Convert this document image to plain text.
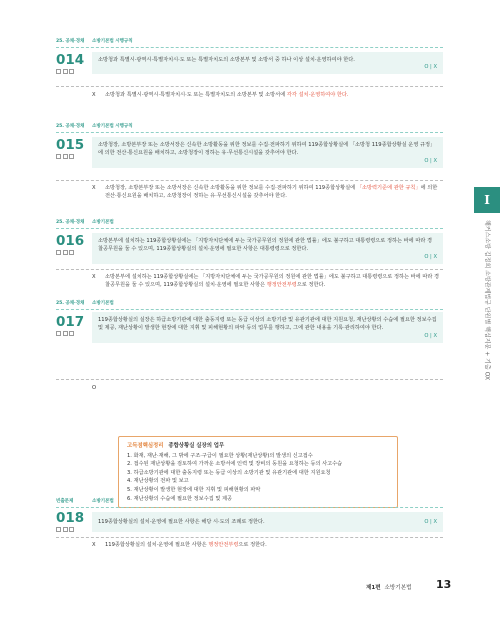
25. 공채·경채 소방기본법 시행규칙
014	소방청과 특별시·광역시·특별자치시·도 또는 특별자치도의 소방본부 및 소방서 중 하나 이상 설치·운영하여야 한다.
O | X
X 소방청과 특별시·광역시·특별자치시·도 또는 특별자치도의 소방본부 및 소방서에 각각 설치·운영하여야 한다.
25. 공채·경채 소방기본법 시행규칙
015	소방청장, 소방본부장 또는 소방서장은 신속한 소방활동을 위한 정보를 수집·전파하기 위하여 119종합상황실에 「소방청 119종합상황실 운영 규정」에 의한 전산·통신요원을 배치하고, 소방청장이 정하는 유·무선통신시설을 갖추어야 한다.
O | X
X 소방청장, 소방본부장 또는 소방서장은 신속한 소방활동을 위한 정보를 수집·전파하기 위하여 119종합상황실에 「소방력기준에 관한 규칙」에 의한 전산·통신요원을 배치하고, 소방청장이 정하는 유·무선통신시설을 갖추어야 한다.
25. 공채·경채 소방기본법
016	소방본부에 설치하는 119종합상황실에는 「지방자치단체에 두는 국가공무원의 정원에 관한 법률」에도 불구하고 대통령령으로 정하는 바에 따라 경찰공무원을 둘 수 있으며, 119종합상황실의 설치·운영에 필요한 사항은 대통령령으로 정한다.
O | X
X 소방본부에 설치하는 119종합상황실에는 「지방자치단체에 두는 국가공무원의 정원에 관한 법률」에도 불구하고 대통령령으로 정하는 바에 따라 경찰공무원을 둘 수 있으며, 119종합상황실의 설치·운영에 필요한 사항은 행정안전부령으로 정한다.
25. 공채·경채 소방기본법
017	119종합상황실의 실장은 하급소방기관에 대한 출동지령 또는 동급 이상의 소방기관 및 유관기관에 대한 지원요청, 재난상황의 수습에 필요한 정보수집 및 제공, 재난상황이 발생한 현장에 대한 지휘 및 피해현황의 파악 등의 업무를 행하고, 그에 관한 내용을 기록·관리하여야 한다.
O | X
O
고득점핵심정리 종합상황실 실장의 업무
1. 화재, 재난·재해, 그 밖에 구조·구급이 필요한 상황(재난상황)의 발생의 신고접수
2. 접수된 재난상황을 검토하여 가까운 소방서에 인력 및 장비의 동원을 요청하는 등의 사고수습
3. 하급소방기관에 대한 출동지령 또는 동급 이상의 소방기관 및 유관기관에 대한 지원요청
4. 재난상황의 전파 및 보고
5. 재난상황이 발생한 현장에 대한 지휘 및 피해현황의 파악
6. 재난상황의 수습에 필요한 정보수집 및 제공
빈출문제	소방기본법
018	119종합상황실의 설치·운영에 필요한 사항은 해당 시·도의 조례로 정한다.	O | X
X 119종합상황실의 설치·운영에 필요한 사항은 행정안전부령으로 정한다.
I
해커스소방 김정희 소방관계법규 단원별 핵심지문 + 기출 OX
제1편 소방기본법 13
